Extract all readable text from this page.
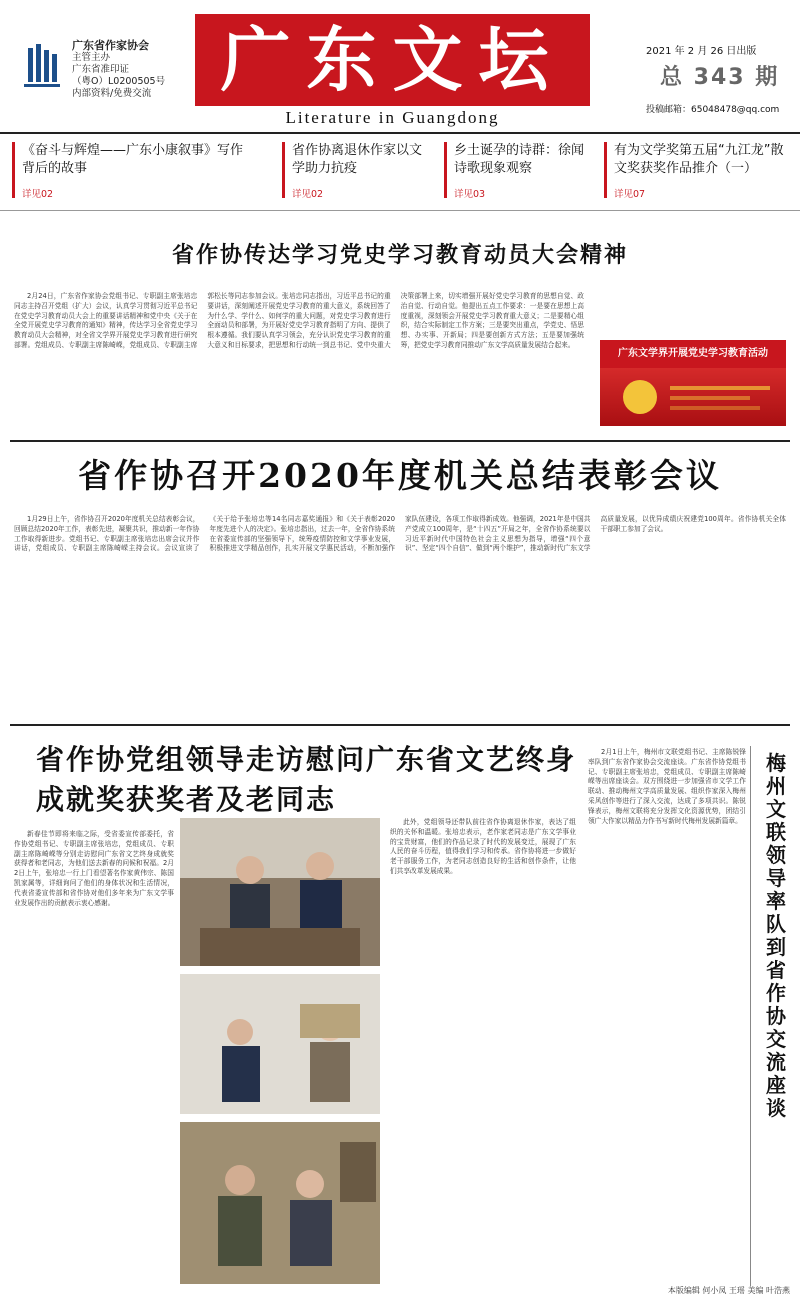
广东省作家协会
主管主办
广东省准印证
（粤O）L0200505号
内部资料/免费交流 广东文坛
Literature in Guangdong
2021 年 2 月 26 日出版
总 343 期
投稿邮箱：65048478@qq.com
《奋斗与辉煌——广东小康叙事》写作背后的故事
详见02
省作协离退休作家以文学助力抗疫
详见02
乡土诞孕的诗群：徐闻诗歌现象观察
详见03
有为文学奖第五届“九江龙”散文奖获奖作品推介（一）
详见07
省作协传达学习党史学习教育动员大会精神
2月24日，广东省作家协会党组书记、专职副主席张培忠同志主持召开党组（扩大）会议，认真学习贯彻习近平总书记在党史学习教育动员大会上的重要讲话精神和党中央《关于在全党开展党史学习教育的通知》精神，传达学习全省党史学习教育动员大会精神，对全省文学界开展党史学习教育进行研究部署。党组成员、专职副主席陈崎嵘，党组成员、专职副主席郭松长等同志参加会议。张培忠同志指出，习近平总书记的重要讲话，深刻阐述开展党史学习教育的重大意义，系统回答了为什么学、学什么、如何学的重大问题，对党史学习教育进行全面动员和部署，为开展好党史学习教育指明了方向、提供了根本遵循。我们要认真学习领会，充分认识党史学习教育的重大意义和目标要求，把思想和行动统一到总书记、党中央重大决策部署上来，切实增强开展好党史学习教育的思想自觉、政治自觉、行动自觉。他提出五点工作要求：一是要在思想上高度重视，深刻领会开展党史学习教育重大意义；二是要精心组织，结合实际制定工作方案；三是要突出重点，学党史、悟思想、办实事、开新局；四是要创新方式方法；五是要加强统筹，把党史学习教育同推动广东文学高质量发展结合起来。
广东文学界开展党史学习教育活动
省作协召开2020年度机关总结表彰会议
1月29日上午，省作协召开2020年度机关总结表彰会议，回顾总结2020年工作，表彰先进，凝聚共识，推动新一年作协工作取得新进步。党组书记、专职副主席张培忠出席会议并作讲话，党组成员、专职副主席陈崎嵘主持会议。会议宣读了《关于给予张培忠等14名同志嘉奖通报》和《关于表彰2020年度先进个人的决定》。张培忠指出，过去一年，全省作协系统在省委宣传部的坚强领导下，统筹疫情防控和文学事业发展，积极推进文学精品创作，扎实开展文学惠民活动，不断加强作家队伍建设，各项工作取得新成效。他强调，2021年是中国共产党成立100周年，是“十四五”开局之年，全省作协系统要以习近平新时代中国特色社会主义思想为指导，增强“四个意识”、坚定“四个自信”、做到“两个维护”，推动新时代广东文学高质量发展，以优异成绩庆祝建党100周年。省作协机关全体干部职工参加了会议。
省作协党组领导走访慰问广东省文艺终身成就奖获奖者及老同志
新春佳节即将来临之际，受省委宣传部委托，省作协党组书记、专职副主席张培忠，党组成员、专职副主席陈崎嵘等分别走访慰问广东省文艺终身成就奖获得者和老同志，为他们送去新春的问候和祝福。2月2日上午，张培忠一行上门看望著名作家黄伟宗、陈国凯家属等，详细询问了他们的身体状况和生活情况，代表省委宣传部和省作协对他们多年来为广东文学事业发展作出的贡献表示衷心感谢。
此外，党组领导还带队前往省作协离退休作家，表达了组织的关怀和温暖。张培忠表示，老作家老同志是广东文学事业的宝贵财富，他们的作品记录了时代的发展变迁，展现了广东人民的奋斗历程，值得我们学习和传承。省作协将进一步做好老干部服务工作，为老同志创造良好的生活和创作条件，让他们共享改革发展成果。
2月1日上午，梅州市文联党组书记、主席陈锐锋率队到广东省作家协会交流座谈。广东省作协党组书记、专职副主席张培忠，党组成员、专职副主席陈崎嵘等出席座谈会。双方围绕进一步加强省市文学工作联动、推动梅州文学高质量发展、组织作家深入梅州采风创作等进行了深入交流，达成了多项共识。陈锐锋表示，梅州文联将充分发挥文化资源优势，团结引领广大作家以精品力作书写新时代梅州发展新篇章。
梅州文联领导率队到省作协交流座谈
本版编辑 何小凤 王瑶 美编 叶浩燕
